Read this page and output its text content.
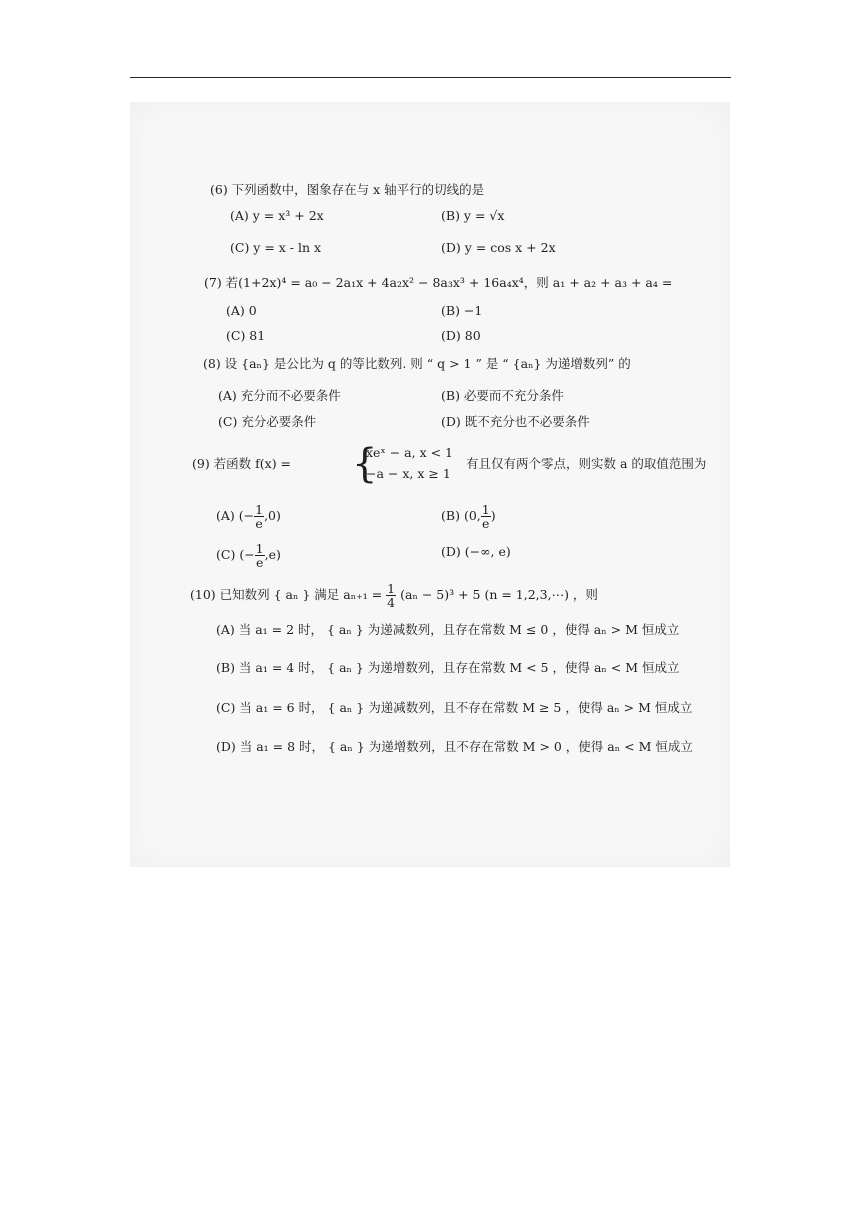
(6) 下列函数中，图象存在与 x 轴平行的切线的是
(A) y = x³ + 2x	(B) y = √x
(C) y = x - ln x	(D) y = cos x + 2x
(7) 若(1+2x)⁴ = a₀ − 2a₁x + 4a₂x² − 8a₃x³ + 16a₄x⁴，则 a₁ + a₂ + a₃ + a₄ =
(A) 0	(B) −1
(C) 81	(D) 80
(8) 设 {aₙ} 是公比为 q 的等比数列. 则 “ q > 1 ” 是 “ {aₙ} 为递增数列” 的
(A) 充分而不必要条件	(B) 必要而不充分条件
(C) 充分必要条件	(D) 既不充分也不必要条件
(9) 若函数 f(x) = {
xeˣ − a, x < 1
−a − x, x ≥ 1
有且仅有两个零点，则实数 a 的取值范围为
(A) (− $\frac{1}{e} ,0$)	(B) (0, $\frac{1}{e}$ )
(C) (− $\frac{1}{e} ,e$)	(D) (−∞, e)
(10) 已知数列 { aₙ } 满足 $a_{n+1} = \frac{1}{4} (a_n - 5)^3 + 5$ (n = 1,2,3,⋯) ，则
(A) 当 a₁ = 2 时， { aₙ } 为递减数列，且存在常数 M ≤ 0 ，使得 aₙ > M 恒成立
(B) 当 a₁ = 4 时， { aₙ } 为递增数列，且存在常数 M < 5 ，使得 aₙ < M 恒成立
(C) 当 a₁ = 6 时， { aₙ } 为递减数列，且不存在常数 M ≥ 5 ，使得 aₙ > M 恒成立
(D) 当 a₁ = 8 时， { aₙ } 为递增数列，且不存在常数 M > 0 ，使得 aₙ < M 恒成立
